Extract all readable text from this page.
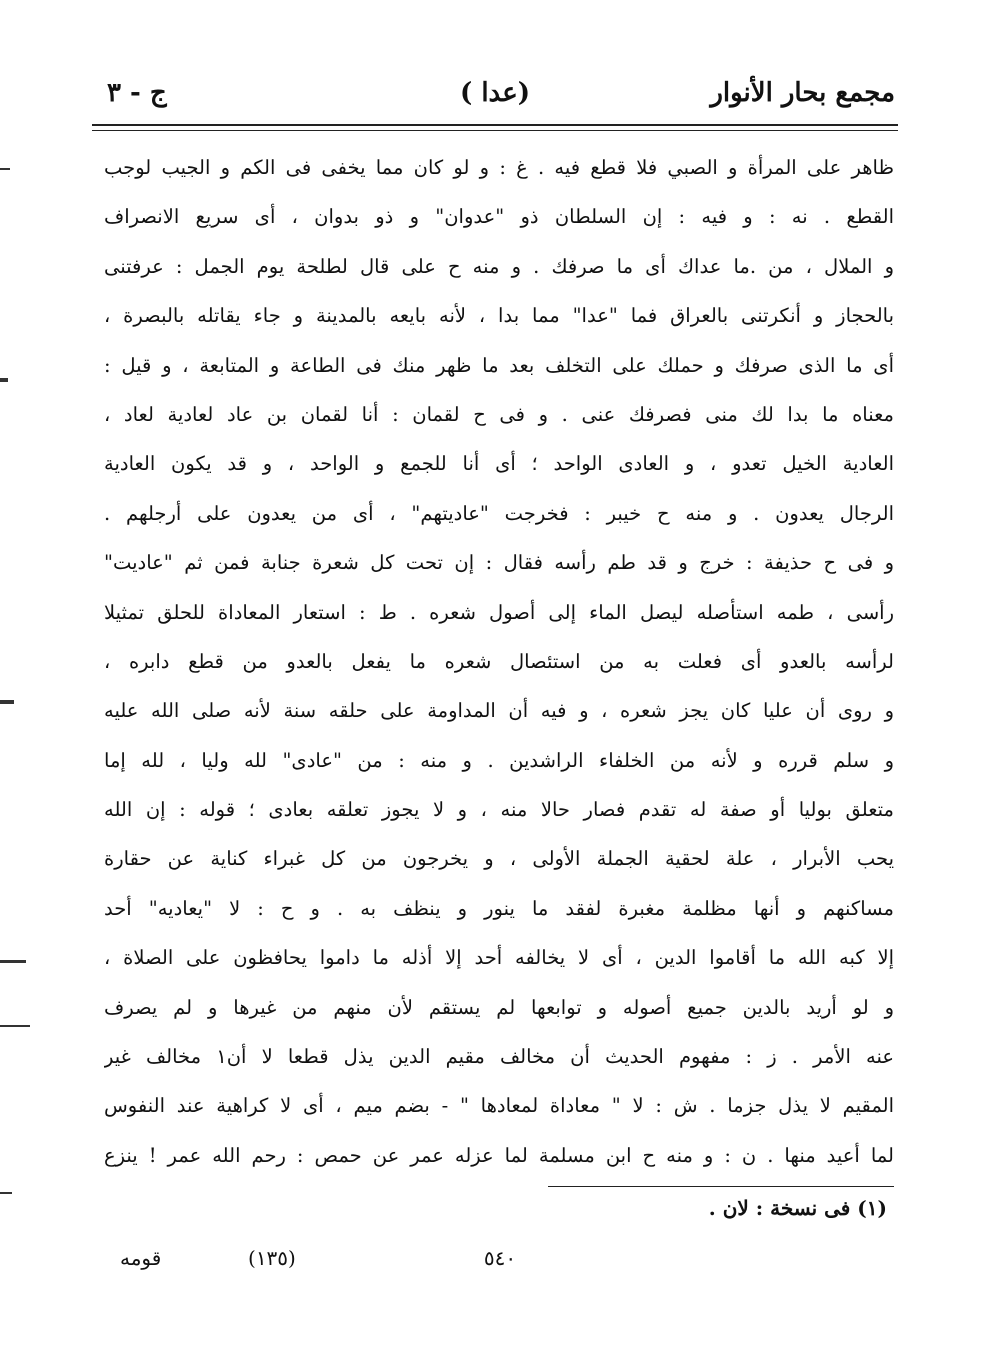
مجمع بحار الأنوار
(عدا )
ج - ٣
ظاهر على المرأة و الصبي فلا قطع فيه . غ : و لو كان مما يخفى فى الكم و الجيب لوجب
القطع . نه : و فيه : إن السلطان ذو "عدوان" و ذو بدوان ، أى سريع الانصراف
و الملال ، من .ما عداك أى ما صرفك . و منه ح على قال لطلحة يوم الجمل : عرفتنى
بالحجاز و أنكرتنى بالعراق فما "عدا" مما بدا ، لأنه بايعه بالمدينة و جاء يقاتله بالبصرة ،
أى ما الذى صرفك و حملك على التخلف بعد ما ظهر منك فى الطاعة و المتابعة ، و قيل :
معناه ما بدا لك منى فصرفك عنى . و فى ح لقمان : أنا لقمان بن عاد لعادية لعاد ،
العادية الخيل تعدو ، و العادى الواحد ؛ أى أنا للجمع و الواحد ، و قد يكون العادية
الرجال يعدون . و منه ح خيبر : فخرجت "عاديتهم" ، أى من يعدون على أرجلهم .
و فى ح حذيفة : خرج و قد طم رأسه فقال : إن تحت كل شعرة جنابة فمن ثم "عاديت"
رأسى ، طمه استأصله ليصل الماء إلى أصول شعره . ط : استعار المعاداة للحلق تمثيلا
لرأسه بالعدو أى فعلت به من استئصال شعره ما يفعل بالعدو من قطع دابره ،
و روى أن عليا كان يجز شعره ، و فيه أن المداومة على حلقه سنة لأنه صلى الله عليه
و سلم قرره و لأنه من الخلفاء الراشدين . و منه : من "عادى" لله وليا ، لله إما
متعلق بوليا أو صفة له تقدم فصار حالا منه ، و لا يجوز تعلقه بعادى ؛ قوله : إن الله
يحب الأبرار ، علة لحقية الجملة الأولى ، و يخرجون من كل غبراء كناية عن حقارة
مساكنهم و أنها مظلمة مغبرة لفقد ما ينور و ينظف به . و ح : لا "يعاديه" أحد
إلا كبه الله ما أقاموا الدين ، أى لا يخالفه أحد إلا أذله ما داموا يحافظون على الصلاة ،
و لو أريد بالدين جميع أصوله و توابعها لم يستقم لأن منهم من غيرها و لم يصرف
عنه الأمر . ز : مفهوم الحديث أن مخالف مقيم الدين يذل قطعا لا أن١ مخالف غير
المقيم لا يذل جزما . ش : لا " معاداة لمعادها " - بضم ميم ، أى لا كراهية عند النفوس
لما أعيد منها . ن : و منه ح ابن مسلمة لما عزله عمر عن حمص : رحم الله عمر ! ينزع
(١) فى نسخة : لان .
٥٤٠
(١٣٥)
قومه
